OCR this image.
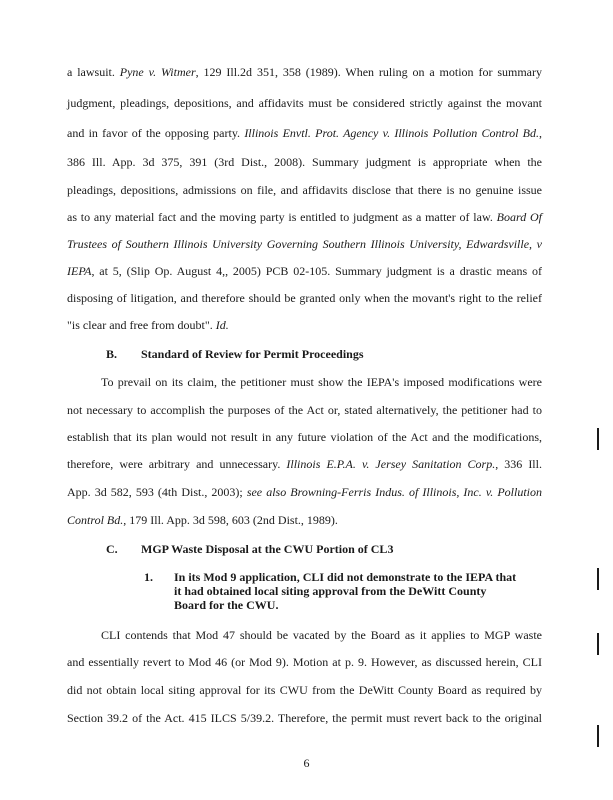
a lawsuit. Pyne v. Witmer, 129 Ill.2d 351, 358 (1989). When ruling on a motion for summary
judgment, pleadings, depositions, and affidavits must be considered strictly against the movant
and in favor of the opposing party. Illinois Envtl. Prot. Agency v. Illinois Pollution Control Bd.,
386 Ill. App. 3d 375, 391 (3rd Dist., 2008). Summary judgment is appropriate when the
pleadings, depositions, admissions on file, and affidavits disclose that there is no genuine issue
as to any material fact and the moving party is entitled to judgment as a matter of law. Board Of
Trustees of Southern Illinois University Governing Southern Illinois University, Edwardsville, v
IEPA, at 5, (Slip Op. August 4,, 2005) PCB 02-105. Summary judgment is a drastic means of
disposing of litigation, and therefore should be granted only when the movant's right to the relief
"is clear and free from doubt". Id.
B. Standard of Review for Permit Proceedings
To prevail on its claim, the petitioner must show the IEPA's imposed modifications were
not necessary to accomplish the purposes of the Act or, stated alternatively, the petitioner had to
establish that its plan would not result in any future violation of the Act and the modifications,
therefore, were arbitrary and unnecessary. Illinois E.P.A. v. Jersey Sanitation Corp., 336 Ill.
App. 3d 582, 593 (4th Dist., 2003); see also Browning-Ferris Indus. of Illinois, Inc. v. Pollution
Control Bd., 179 Ill. App. 3d 598, 603 (2nd Dist., 1989).
C. MGP Waste Disposal at the CWU Portion of CL3
1. In its Mod 9 application, CLI did not demonstrate to the IEPA that it had obtained local siting approval from the DeWitt County Board for the CWU.
CLI contends that Mod 47 should be vacated by the Board as it applies to MGP waste
and essentially revert to Mod 46 (or Mod 9). Motion at p. 9. However, as discussed herein, CLI
did not obtain local siting approval for its CWU from the DeWitt County Board as required by
Section 39.2 of the Act. 415 ILCS 5/39.2. Therefore, the permit must revert back to the original
6
